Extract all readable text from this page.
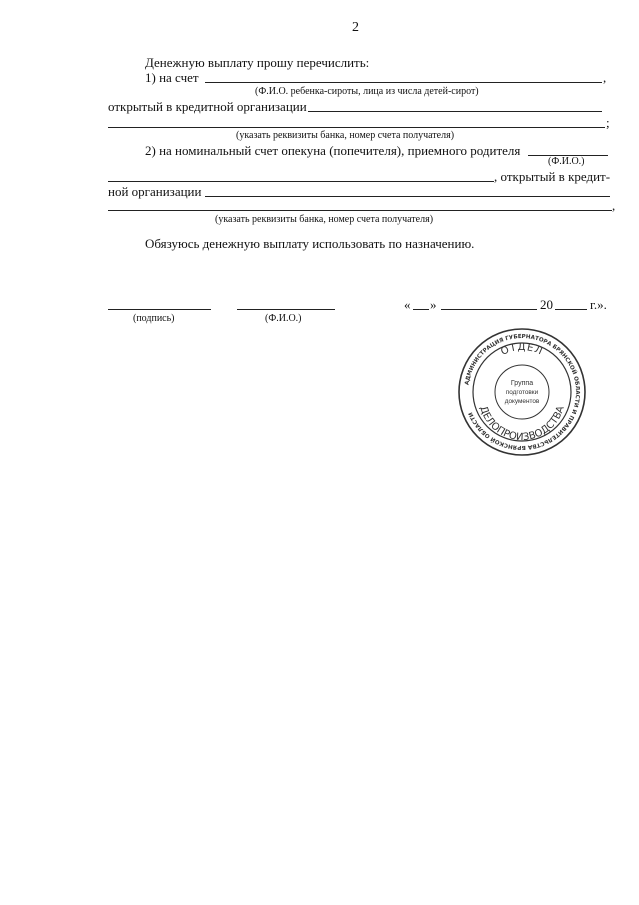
2
Денежную выплату прошу перечислить:
1) на счет	,
(Ф.И.О. ребенка-сироты, лица из числа детей-сирот)
открытый в кредитной организации
;
(указать реквизиты банка, номер счета получателя)
2) на номинальный счет опекуна (попечителя), приемного родителя
(Ф.И.О.)
, открытый в кредит-
ной организации
,
(указать реквизиты банка, номер счета получателя)
Обязуюсь денежную выплату использовать по назначению.
(подпись)	(Ф.И.О.)
« »	20	г.».
АДМИНИСТРАЦИЯ ГУБЕРНАТОРА БРЯНСКОЙ ОБЛАСТИ И ПРАВИТЕЛЬСТВА БРЯНСКОЙ ОБЛАСТИ
ОТДЕЛ
ДЕЛОПРОИЗВОДСТВА
Группа
подготовки
документов
